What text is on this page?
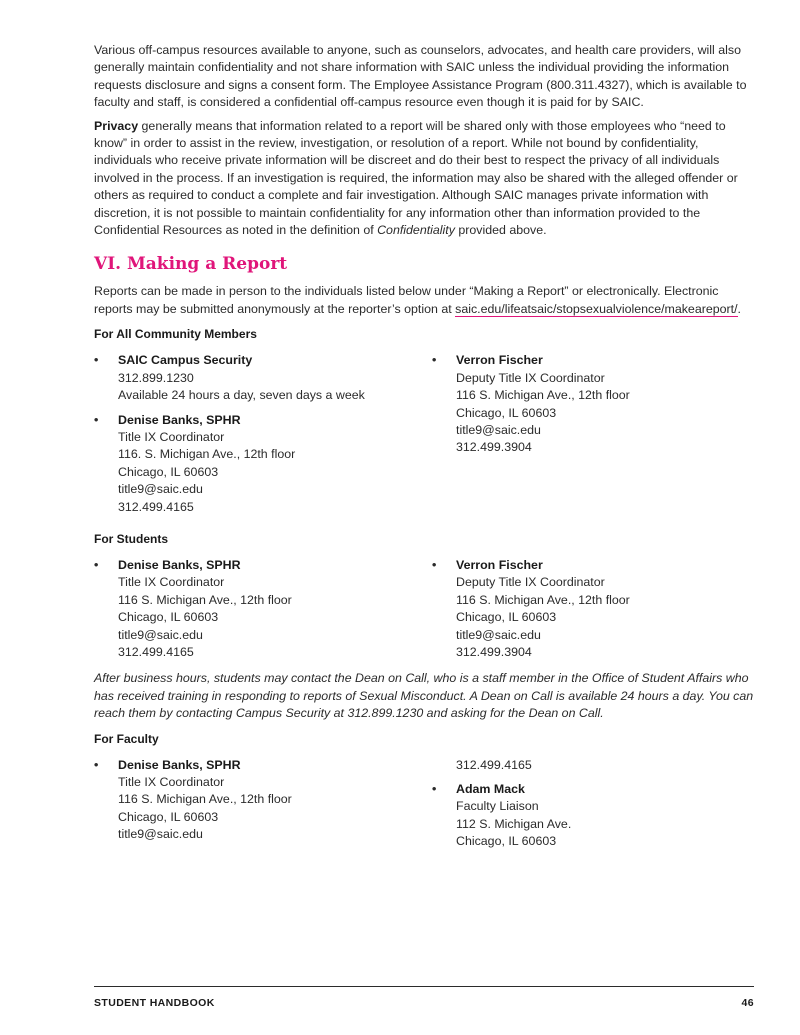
Various off-campus resources available to anyone, such as counselors, advocates, and health care providers, will also generally maintain confidentiality and not share information with SAIC unless the individual providing the information requests disclosure and signs a consent form. The Employee Assistance Program (800.311.4327), which is available to faculty and staff, is considered a confidential off-campus resource even though it is paid for by SAIC.

Privacy generally means that information related to a report will be shared only with those employees who “need to know” in order to assist in the review, investigation, or resolution of a report. While not bound by confidentiality, individuals who receive private information will be discreet and do their best to respect the privacy of all individuals involved in the process. If an investigation is required, the information may also be shared with the alleged offender or others as required to conduct a complete and fair investigation. Although SAIC manages private information with discretion, it is not possible to maintain confidentiality for any information other than information provided to the Confidential Resources as noted in the definition of Confidentiality provided above.

VI. Making a Report

Reports can be made in person to the individuals listed below under “Making a Report” or electronically. Electronic reports may be submitted anonymously at the reporter’s option at saic.edu/lifeatsaic/stopsexualviolence/makeareport/.

For All Community Members
• SAIC Campus Security
312.899.1230
Available 24 hours a day, seven days a week
• Denise Banks, SPHR
Title IX Coordinator
116. S. Michigan Ave., 12th floor
Chicago, IL 60603
title9@saic.edu
312.499.4165
• Verron Fischer
Deputy Title IX Coordinator
116 S. Michigan Ave., 12th floor
Chicago, IL 60603
title9@saic.edu
312.499.3904
For Students
• Denise Banks, SPHR
Title IX Coordinator
116 S. Michigan Ave., 12th floor
Chicago, IL 60603
title9@saic.edu
312.499.4165
• Verron Fischer
Deputy Title IX Coordinator
116 S. Michigan Ave., 12th floor
Chicago, IL 60603
title9@saic.edu
312.499.3904

After business hours, students may contact the Dean on Call, who is a staff member in the Office of Student Affairs who has received training in responding to reports of Sexual Misconduct. A Dean on Call is available 24 hours a day. You can reach them by contacting Campus Security at 312.899.1230 and asking for the Dean on Call.

For Faculty
• Denise Banks, SPHR
Title IX Coordinator
116 S. Michigan Ave., 12th floor
Chicago, IL 60603
title9@saic.edu
312.499.4165
• Adam Mack
Faculty Liaison
112 S. Michigan Ave.
Chicago, IL 60603
STUDENT HANDBOOK	46
